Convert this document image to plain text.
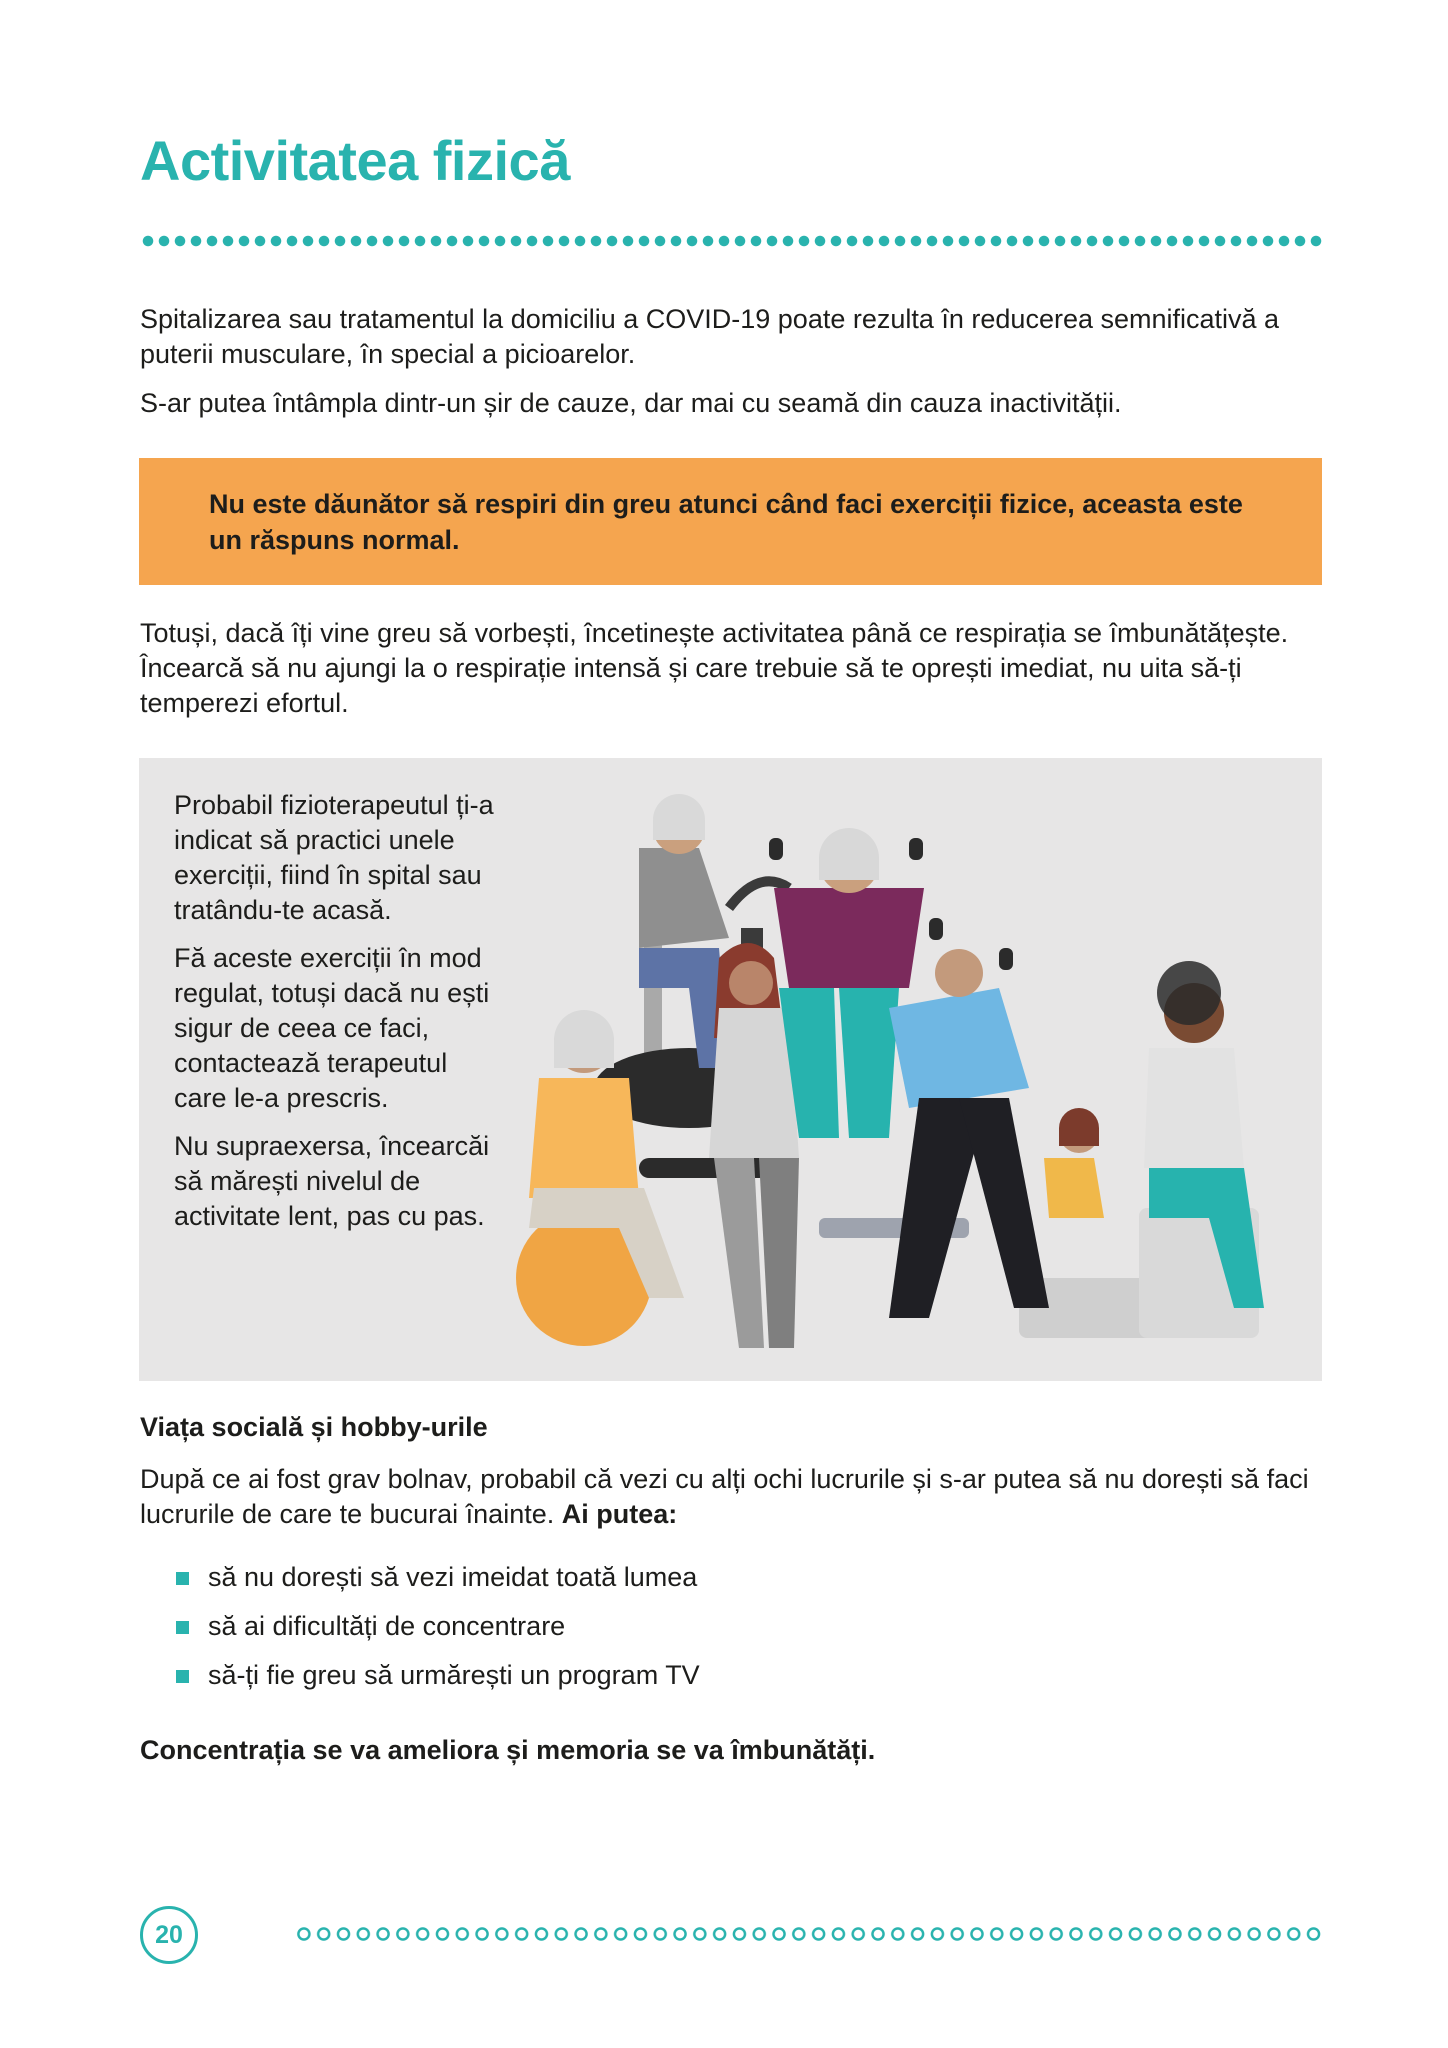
Activitatea fizică

Spitalizarea sau tratamentul la domiciliu a COVID-19 poate rezulta în reducerea semnificativă a puterii musculare, în special a picioarelor.

S-ar putea întâmpla dintr-un șir de cauze, dar mai cu seamă din cauza inactivității.

Nu este dăunător să respiri din greu atunci când faci exerciții fizice, aceasta este un răspuns normal.

Totuși, dacă îți vine greu să vorbești, încetinește activitatea până ce respirația se îmbunătățește. Încearcă să nu ajungi la o respirație intensă și care trebuie să te oprești imediat, nu uita să-ți temperezi efortul.

Probabil fizioterapeutul ți-a indicat să practici unele exerciții, fiind în spital sau tratându-te acasă.

Fă aceste exerciții în mod regulat, totuși dacă nu ești sigur de ceea ce faci, contactează terapeutul care le-a prescris.

Nu supraexersa, încearcăi să mărești nivelul de activitate lent, pas cu pas.

Viața socială și hobby-urile

După ce ai fost grav bolnav, probabil că vezi cu alți ochi lucrurile și s-ar putea să nu dorești să faci lucrurile de care te bucurai înainte. Ai putea:

să nu dorești să vezi imeidat toată lumea
să ai dificultăți de concentrare
să-ți fie greu să urmărești un program TV

Concentrația se va ameliora și memoria se va îmbunătăți.

20
